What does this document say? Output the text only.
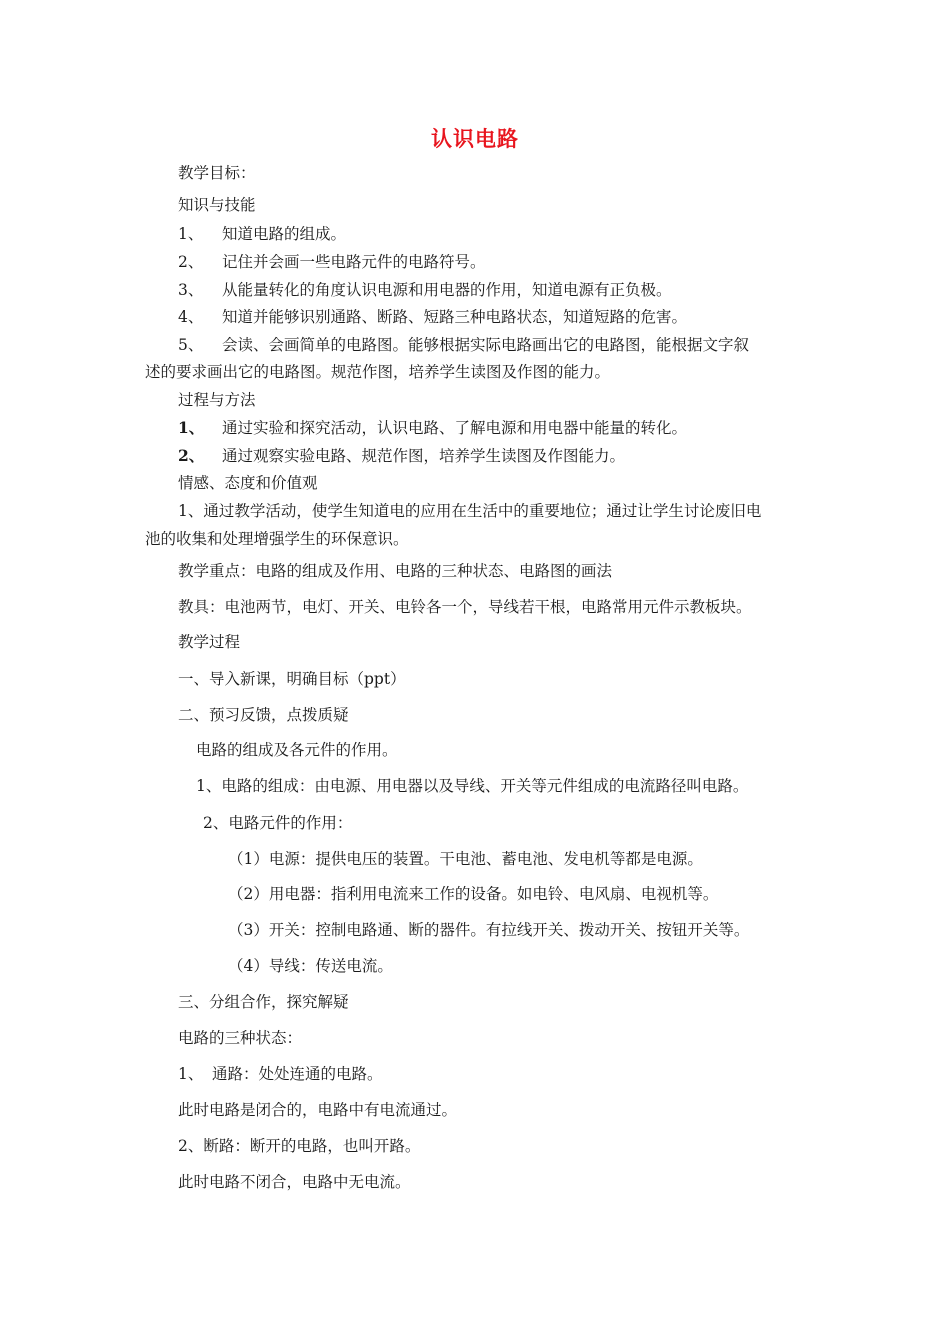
认识电路
教学目标：
知识与技能
1、 知道电路的组成。
2、 记住并会画一些电路元件的电路符号。
3、 从能量转化的角度认识电源和用电器的作用，知道电源有正负极。
4、 知道并能够识别通路、断路、短路三种电路状态，知道短路的危害。
5、 会读、会画简单的电路图。能够根据实际电路画出它的电路图，能根据文字叙
述的要求画出它的电路图。规范作图，培养学生读图及作图的能力。
过程与方法
1、 通过实验和探究活动，认识电路、了解电源和用电器中能量的转化。
2、 通过观察实验电路、规范作图，培养学生读图及作图能力。
情感、态度和价值观
1、通过教学活动，使学生知道电的应用在生活中的重要地位；通过让学生讨论废旧电
池的收集和处理增强学生的环保意识。
教学重点：电路的组成及作用、电路的三种状态、电路图的画法
教具：电池两节，电灯、开关、电铃各一个，导线若干根，电路常用元件示教板块。
教学过程
一、导入新课，明确目标（ppt）
二、预习反馈，点拨质疑
电路的组成及各元件的作用。
1、电路的组成：由电源、用电器以及导线、开关等元件组成的电流路径叫电路。
2、电路元件的作用：
（1）电源：提供电压的装置。干电池、蓄电池、发电机等都是电源。
（2）用电器：指利用电流来工作的设备。如电铃、电风扇、电视机等。
（3）开关：控制电路通、断的器件。有拉线开关、拨动开关、按钮开关等。
（4）导线：传送电流。
三、分组合作，探究解疑
电路的三种状态：
1、 通路：处处连通的电路。
此时电路是闭合的，电路中有电流通过。
2、断路：断开的电路，也叫开路。
此时电路不闭合，电路中无电流。
